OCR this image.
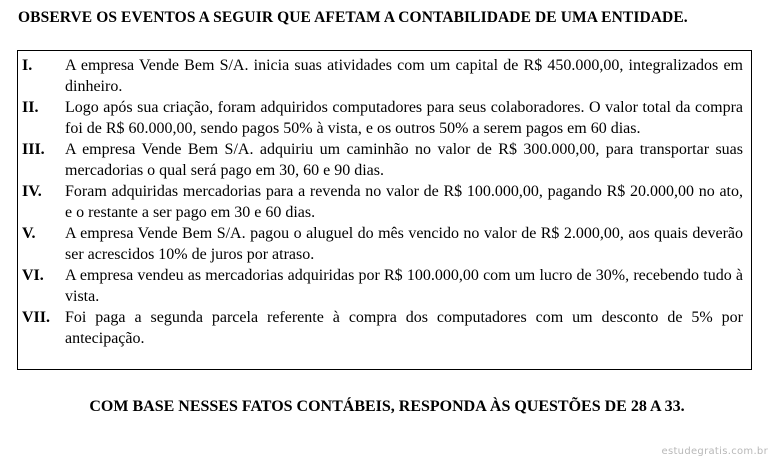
OBSERVE OS EVENTOS A SEGUIR QUE AFETAM A CONTABILIDADE DE UMA ENTIDADE.
I.	A empresa Vende Bem S/A. inicia suas atividades com um capital de R$ 450.000,00, integralizados em dinheiro.
II.	Logo após sua criação, foram adquiridos computadores para seus colaboradores. O valor total da compra foi de R$ 60.000,00, sendo pagos 50% à vista, e os outros 50% a serem pagos em 60 dias.
III.	A empresa Vende Bem S/A. adquiriu um caminhão no valor de R$ 300.000,00, para transportar suas mercadorias o qual será pago em 30, 60 e 90 dias.
IV.	Foram adquiridas mercadorias para a revenda no valor de R$ 100.000,00, pagando R$ 20.000,00 no ato, e o restante a ser pago em 30 e 60 dias.
V.	A empresa Vende Bem S/A. pagou o aluguel do mês vencido no valor de R$ 2.000,00, aos quais deverão ser acrescidos 10% de juros por atraso.
VI.	A empresa vendeu as mercadorias adquiridas por R$ 100.000,00 com um lucro de 30%, recebendo tudo à vista.
VII. Foi paga a segunda parcela referente à compra dos computadores com um desconto de 5% por antecipação.
COM BASE NESSES FATOS CONTÁBEIS, RESPONDA ÀS QUESTÕES DE 28 A 33.
estudegratis.com.br
